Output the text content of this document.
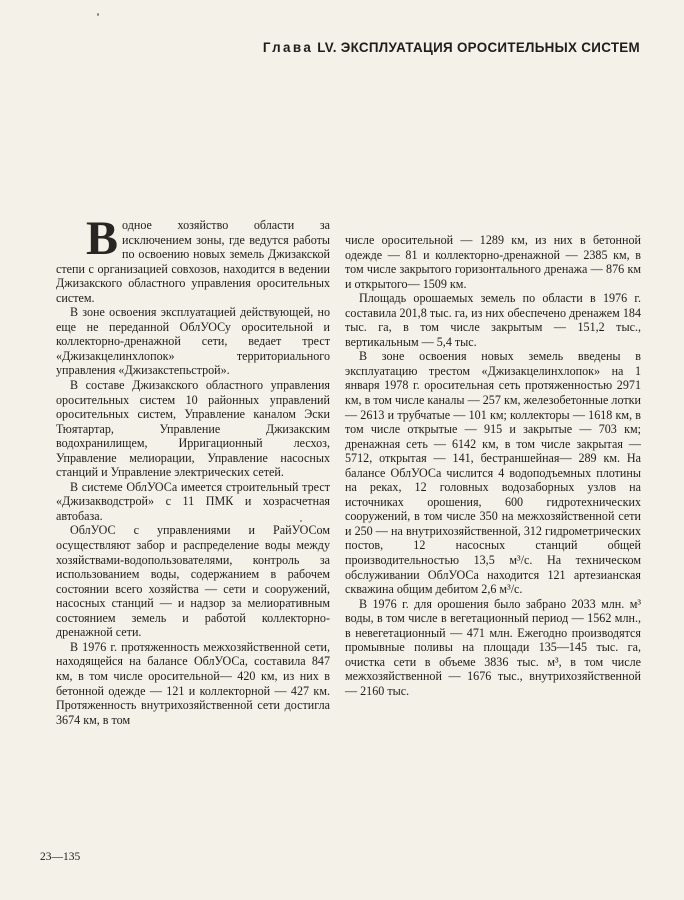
Глава LV. ЭКСПЛУАТАЦИЯ ОРОСИТЕЛЬНЫХ СИСТЕМ
В одное хозяйство области за исключением зоны, где ведутся работы по освоению новых земель Джизакской степи с организацией совхозов, находится в ведении Джизакского областного управления оросительных систем.

В зоне освоения эксплуатацией действующей, но еще не переданной ОблУОСу оросительной и коллекторно-дренажной сети, ведает трест «Джизакцелинхлопок» территориального управления «Джизакстепьстрой».

В составе Джизакского областного управления оросительных систем 10 районных управлений оросительных систем, Управление каналом Эски Тюятартар, Управление Джизакским водохранилищем, Ирригационный лесхоз, Управление мелиорации, Управление насосных станций и Управление электрических сетей.

В системе ОблУОСа имеется строительный трест «Джизакводстрой» с 11 ПМК и хозрасчетная автобаза.

ОблУОС с управлениями и РайУОСом осуществляют забор и распределение воды между хозяйствами-водопользователями, контроль за использованием воды, содержанием в рабочем состоянии всего хозяйства — сети и сооружений, насосных станций — и надзор за мелиоративным состоянием земель и работой коллекторно-дренажной сети.

В 1976 г. протяженность межхозяйственной сети, находящейся на балансе ОблУОСа, составила 847 км, в том числе оросительной— 420 км, из них в бетонной одежде — 121 и коллекторной — 427 км. Протяженность внутрихозяйственной сети достигла 3674 км, в том

числе оросительной — 1289 км, из них в бетонной одежде — 81 и коллекторно-дренажной — 2385 км, в том числе закрытого горизонтального дренажа — 876 км и открытого— 1509 км.

Площадь орошаемых земель по области в 1976 г. составила 201,8 тыс. га, из них обеспечено дренажем 184 тыс. га, в том числе закрытым — 151,2 тыс., вертикальным — 5,4 тыс.

В зоне освоения новых земель введены в эксплуатацию трестом «Джизакцелинхлопок» на 1 января 1978 г. оросительная сеть протяженностью 2971 км, в том числе каналы — 257 км, железобетонные лотки — 2613 и трубчатые — 101 км; коллекторы — 1618 км, в том числе открытые — 915 и закрытые — 703 км; дренажная сеть — 6142 км, в том числе закрытая — 5712, открытая — 141, бестраншейная— 289 км. На балансе ОблУОСа числится 4 водоподъемных плотины на реках, 12 головных водозаборных узлов на источниках орошения, 600 гидротехнических сооружений, в том числе 350 на межхозяйственной сети и 250 — на внутрихозяйственной, 312 гидрометрических постов, 12 насосных станций общей производительностью 13,5 м³/с. На техническом обслуживании ОблУОСа находится 121 артезианская скважина общим дебитом 2,6 м³/с.

В 1976 г. для орошения было забрано 2033 млн. м³ воды, в том числе в вегетационный период — 1562 млн., в невегетационный — 471 млн. Ежегодно производятся промывные поливы на площади 135—145 тыс. га, очистка сети в объеме 3836 тыс. м³, в том числе межхозяйственной — 1676 тыс., внутрихозяйственной — 2160 тыс.

23—135
